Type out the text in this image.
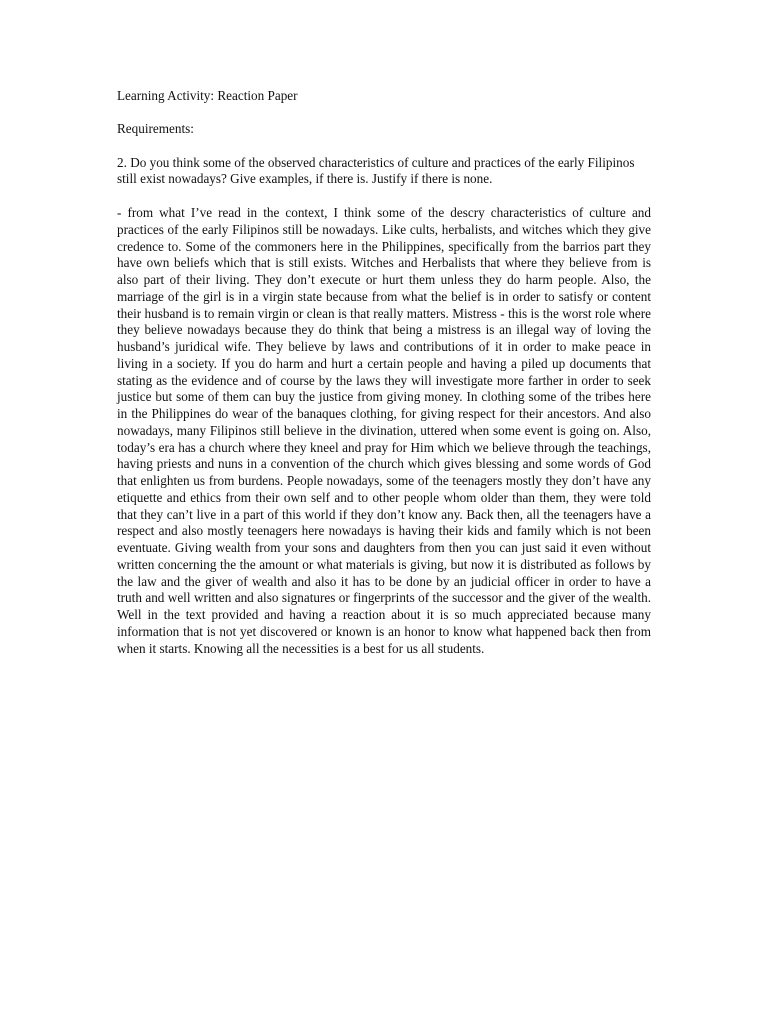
Learning Activity: Reaction Paper

Requirements:

2. Do you think some of the observed characteristics of culture and practices of the early Filipinos still exist nowadays? Give examples, if there is. Justify if there is none.

- from what I’ve read in the context, I think some of the descry characteristics of culture and practices of the early Filipinos still be nowadays. Like cults, herbalists, and witches which they give credence to. Some of the commoners here in the Philippines, specifically from the barrios part they have own beliefs which that is still exists. Witches and Herbalists that where they believe from is also part of their living. They don’t execute or hurt them unless they do harm people. Also, the marriage of the girl is in a virgin state because from what the belief is in order to satisfy or content their husband is to remain virgin or clean is that really matters. Mistress - this is the worst role where they believe nowadays because they do think that being a mistress is an illegal way of loving the husband’s juridical wife. They believe by laws and contributions of it in order to make peace in living in a society. If you do harm and hurt a certain people and having a piled up documents that stating as the evidence and of course by the laws they will investigate more farther in order to seek justice but some of them can buy the justice from giving money. In clothing some of the tribes here in the Philippines do wear of the banaques clothing, for giving respect for their ancestors. And also nowadays, many Filipinos still believe in the divination, uttered when some event is going on. Also, today’s era has a church where they kneel and pray for Him which we believe through the teachings, having priests and nuns in a convention of the church which gives blessing and some words of God that enlighten us from burdens. People nowadays, some of the teenagers mostly they don’t have any etiquette and ethics from their own self and to other people whom older than them, they were told that they can’t live in a part of this world if they don’t know any. Back then, all the teenagers have a respect and also mostly teenagers here nowadays is having their kids and family which is not been eventuate. Giving wealth from your sons and daughters from then you can just said it even without written concerning the the amount or what materials is giving, but now it is distributed as follows by the law and the giver of wealth and also it has to be done by an judicial officer in order to have a truth and well written and also signatures or fingerprints of the successor and the giver of the wealth. Well in the text provided and having a reaction about it is so much appreciated because many information that is not yet discovered or known is an honor to know what happened back then from when it starts. Knowing all the necessities is a best for us all students.
